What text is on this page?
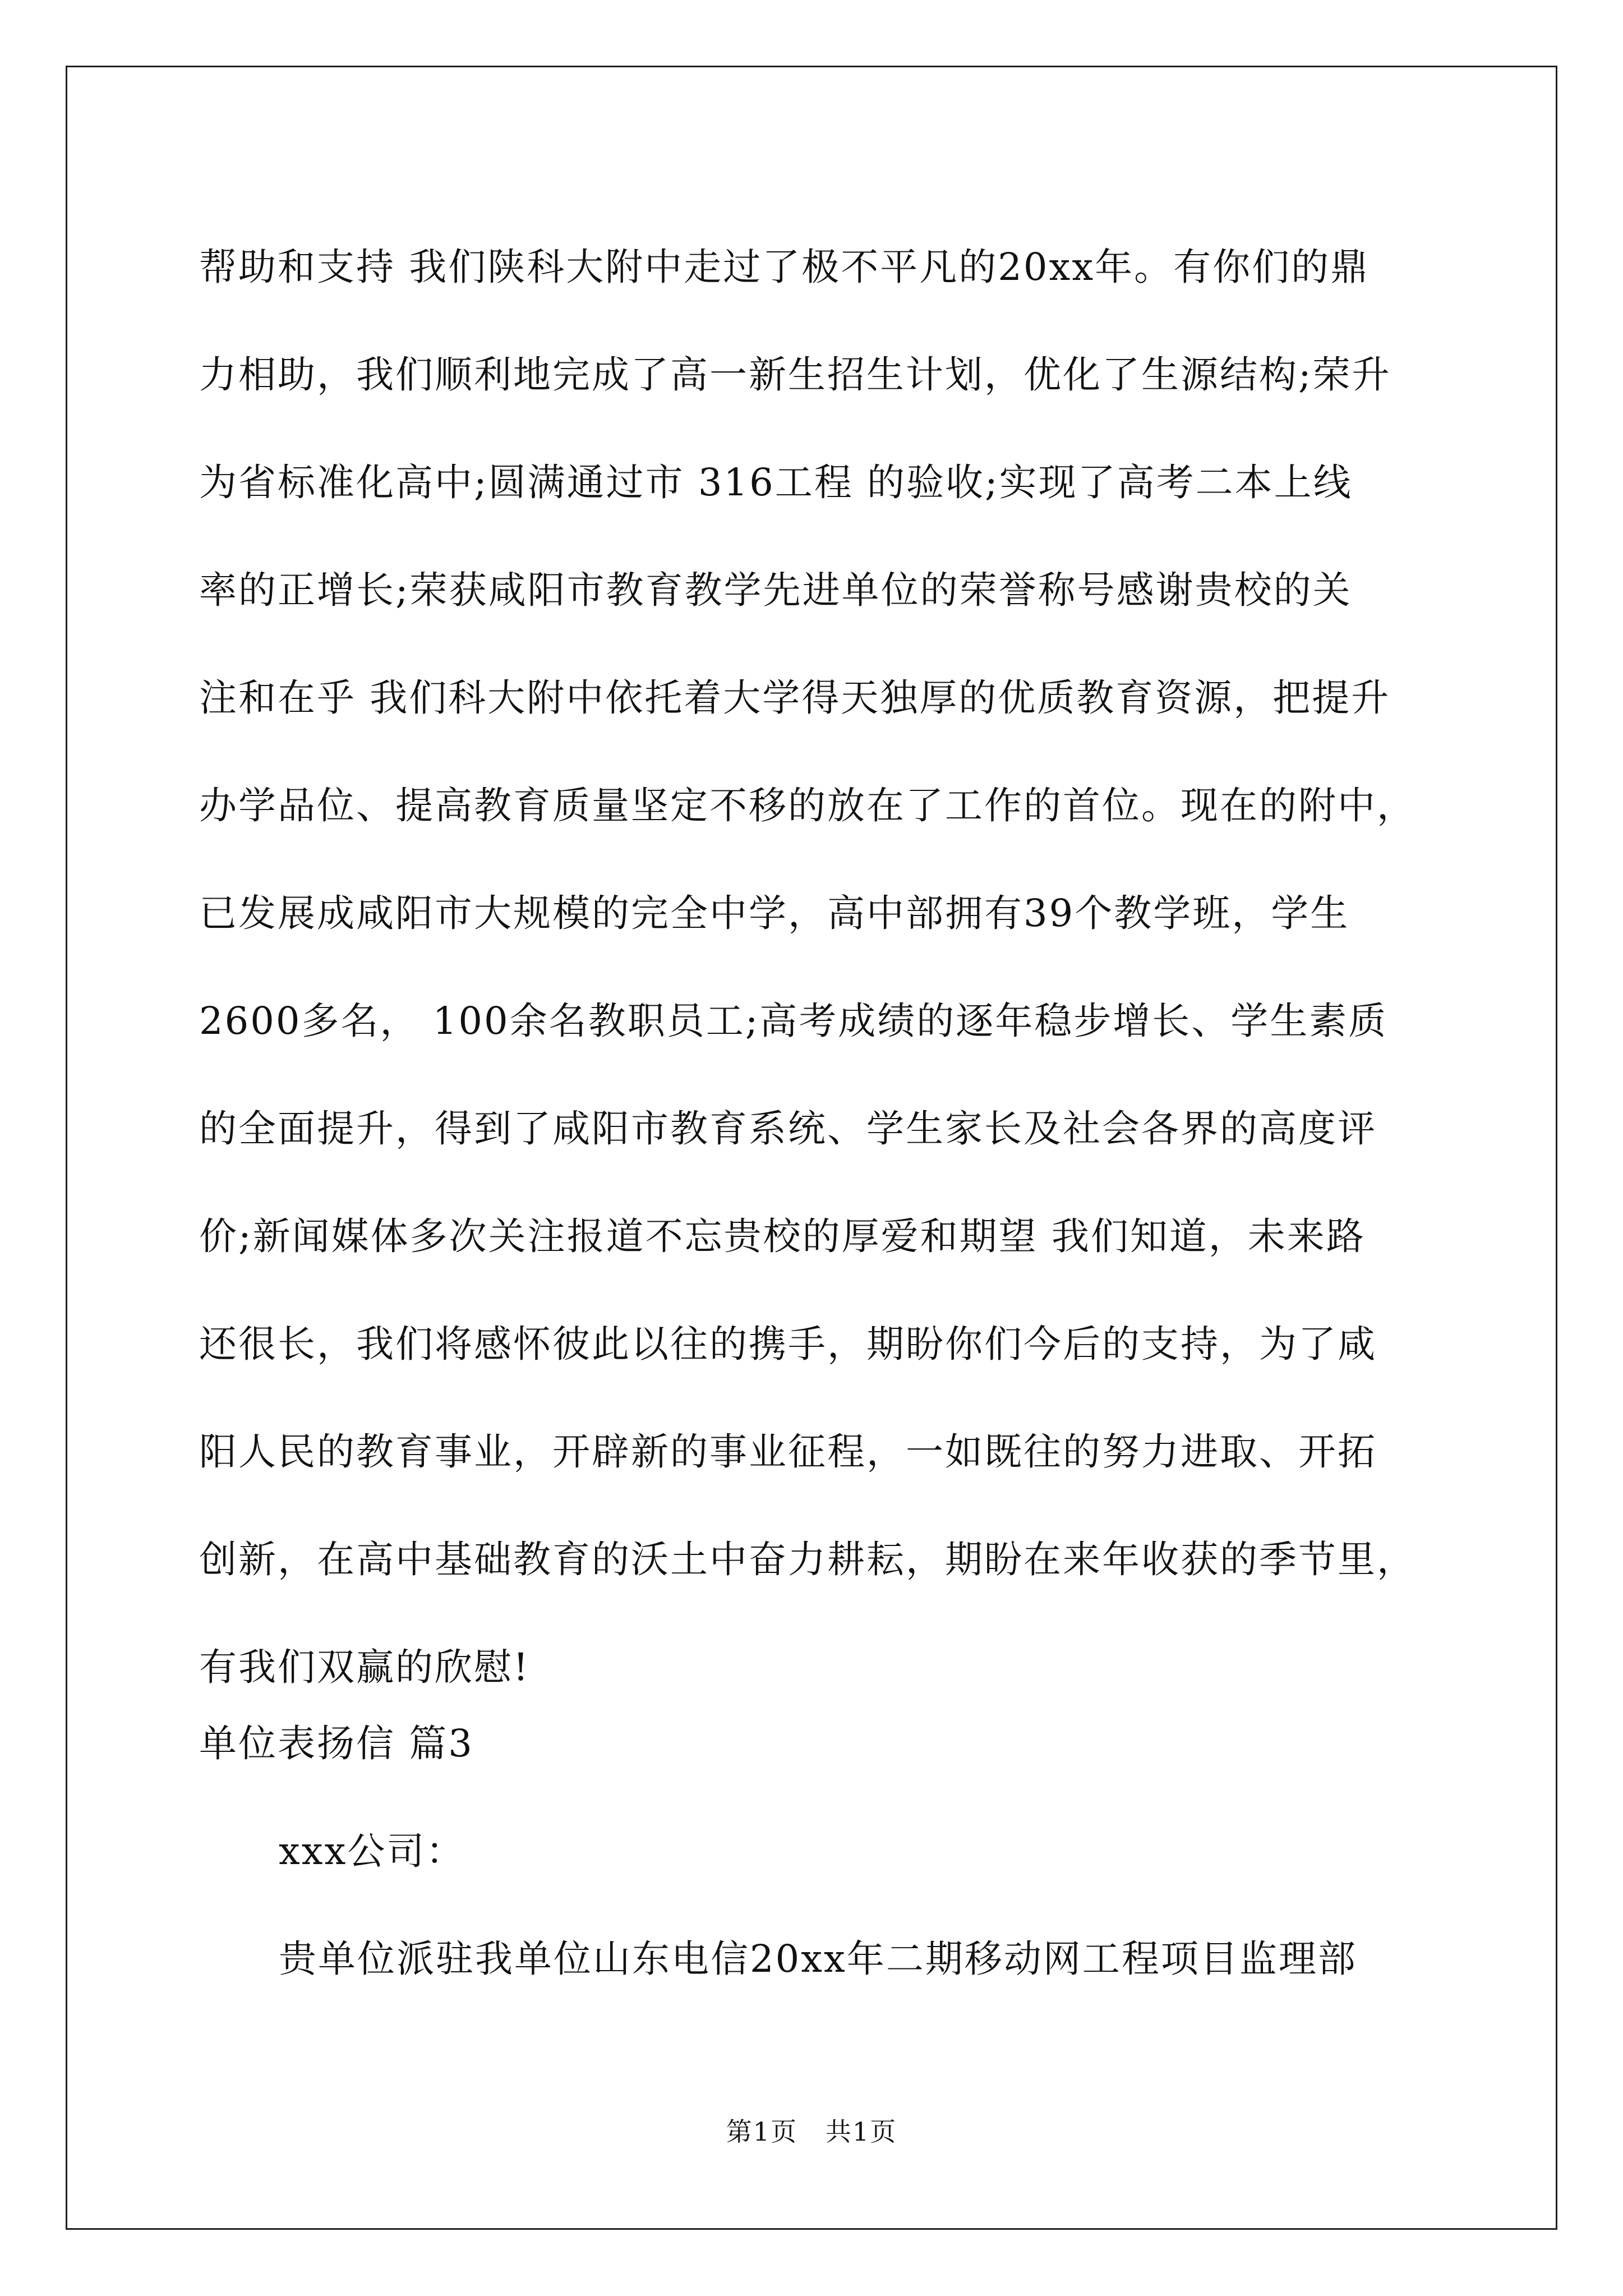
帮助和支持 我们陕科大附中走过了极不平凡的20xx年。有你们的鼎
力相助，我们顺利地完成了高一新生招生计划，优化了生源结构;荣升
为省标准化高中;圆满通过市 316工程 的验收;实现了高考二本上线
率的正增长;荣获咸阳市教育教学先进单位的荣誉称号感谢贵校的关
注和在乎 我们科大附中依托着大学得天独厚的优质教育资源，把提升
办学品位、提高教育质量坚定不移的放在了工作的首位。现在的附中，
已发展成咸阳市大规模的完全中学，高中部拥有39个教学班，学生
2600多名， 100余名教职员工;高考成绩的逐年稳步增长、学生素质
的全面提升，得到了咸阳市教育系统、学生家长及社会各界的高度评
价;新闻媒体多次关注报道不忘贵校的厚爱和期望 我们知道，未来路
还很长，我们将感怀彼此以往的携手，期盼你们今后的支持，为了咸
阳人民的教育事业，开辟新的事业征程，一如既往的努力进取、开拓
创新，在高中基础教育的沃土中奋力耕耘，期盼在来年收获的季节里，
有我们双赢的欣慰!
单位表扬信 篇3

xxx公司：

贵单位派驻我单位山东电信20xx年二期移动网工程项目监理部

第1页   共1页
